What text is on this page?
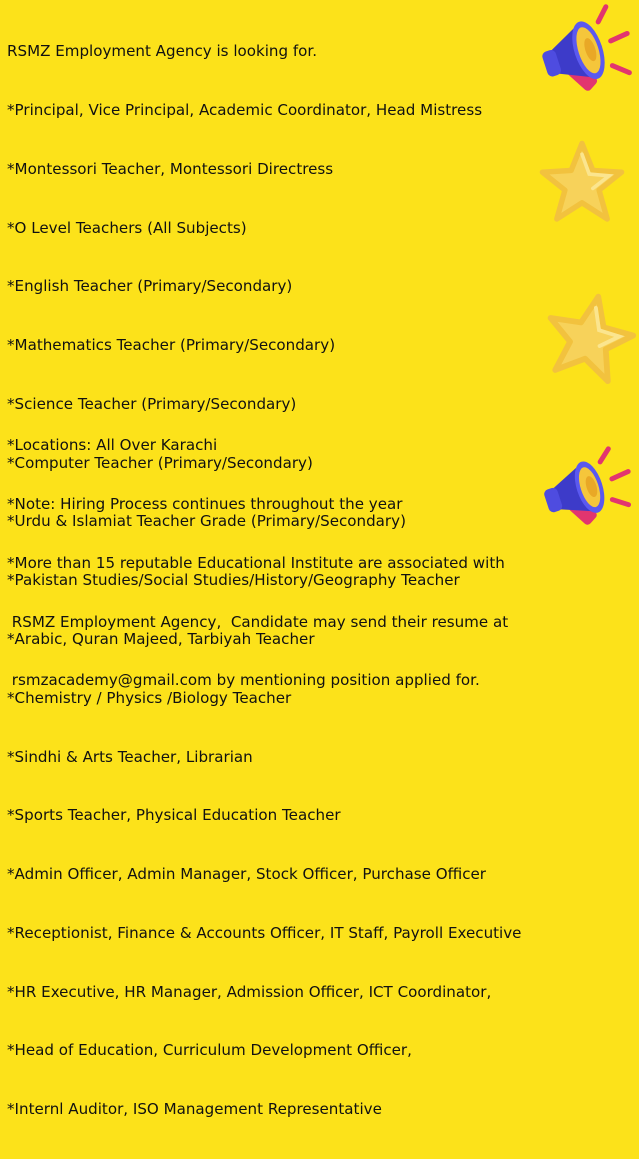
RSMZ Employment Agency is looking for.

*Principal, Vice Principal, Academic Coordinator, Head Mistress

*Montessori Teacher, Montessori Directress

*O Level Teachers (All Subjects)

*English Teacher (Primary/Secondary)

*Mathematics Teacher (Primary/Secondary)

*Science Teacher (Primary/Secondary)

*Computer Teacher (Primary/Secondary)

*Urdu & Islamiat Teacher Grade (Primary/Secondary)

*Pakistan Studies/Social Studies/History/Geography Teacher

*Arabic, Quran Majeed, Tarbiyah Teacher

*Chemistry / Physics /Biology Teacher

*Sindhi & Arts Teacher, Librarian

*Sports Teacher, Physical Education Teacher

*Admin Officer, Admin Manager, Stock Officer, Purchase Officer

*Receptionist, Finance & Accounts Officer, IT Staff, Payroll Executive

*HR Executive, HR Manager, Admission Officer, ICT Coordinator,

*Head of Education, Curriculum Development Officer,

*Internl Auditor, ISO Management Representative

*Locations: All Over Karachi

*Note: Hiring Process continues throughout the year

*More than 15 reputable Educational Institute are associated with

RSMZ Employment Agency,  Candidate may send their resume at

rsmzacademy@gmail.com by mentioning position applied for.
